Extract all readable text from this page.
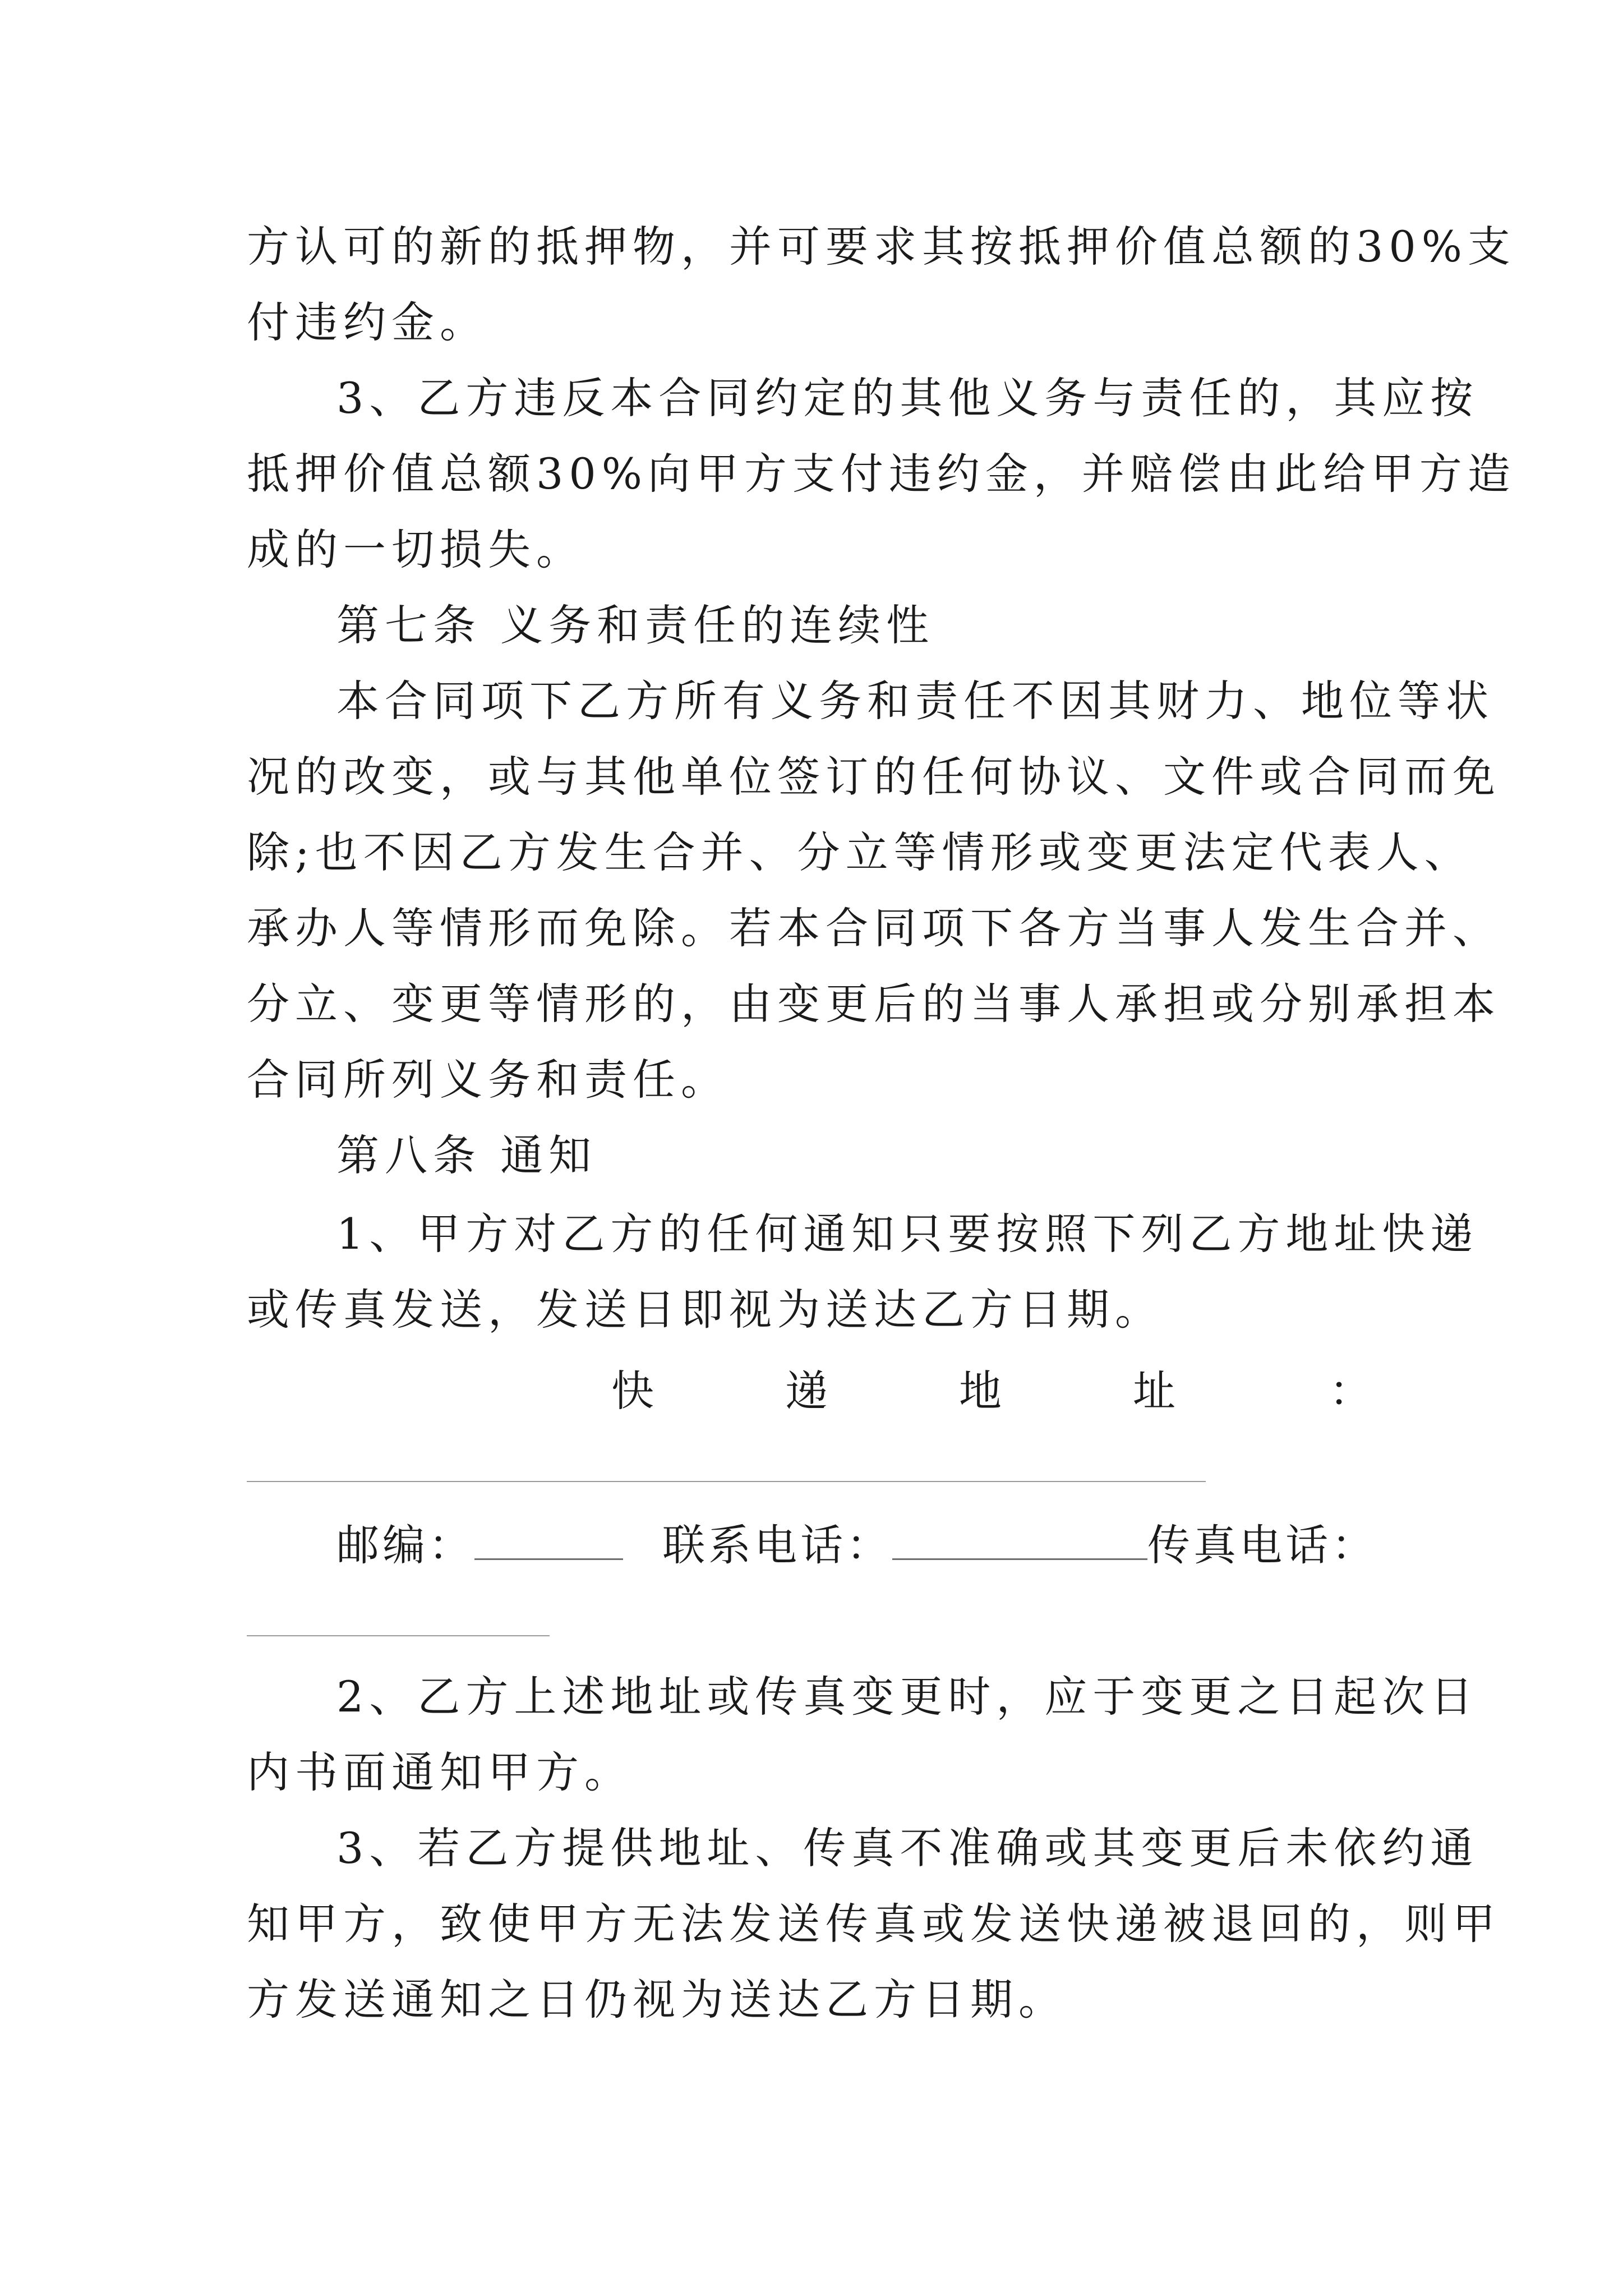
方认可的新的抵押物，并可要求其按抵押价值总额的30%支
付违约金。
3、乙方违反本合同约定的其他义务与责任的，其应按
抵押价值总额30%向甲方支付违约金，并赔偿由此给甲方造
成的一切损失。
第七条 义务和责任的连续性
本合同项下乙方所有义务和责任不因其财力、地位等状
况的改变，或与其他单位签订的任何协议、文件或合同而免
除;也不因乙方发生合并、分立等情形或变更法定代表人、
承办人等情形而免除。若本合同项下各方当事人发生合并、
分立、变更等情形的，由变更后的当事人承担或分别承担本
合同所列义务和责任。
第八条 通知
1、甲方对乙方的任何通知只要按照下列乙方地址快递
或传真发送，发送日即视为送达乙方日期。
快	递	地	址	：
邮编：	联系电话：	传真电话：
2、乙方上述地址或传真变更时，应于变更之日起次日
内书面通知甲方。
3、若乙方提供地址、传真不准确或其变更后未依约通
知甲方，致使甲方无法发送传真或发送快递被退回的，则甲
方发送通知之日仍视为送达乙方日期。
